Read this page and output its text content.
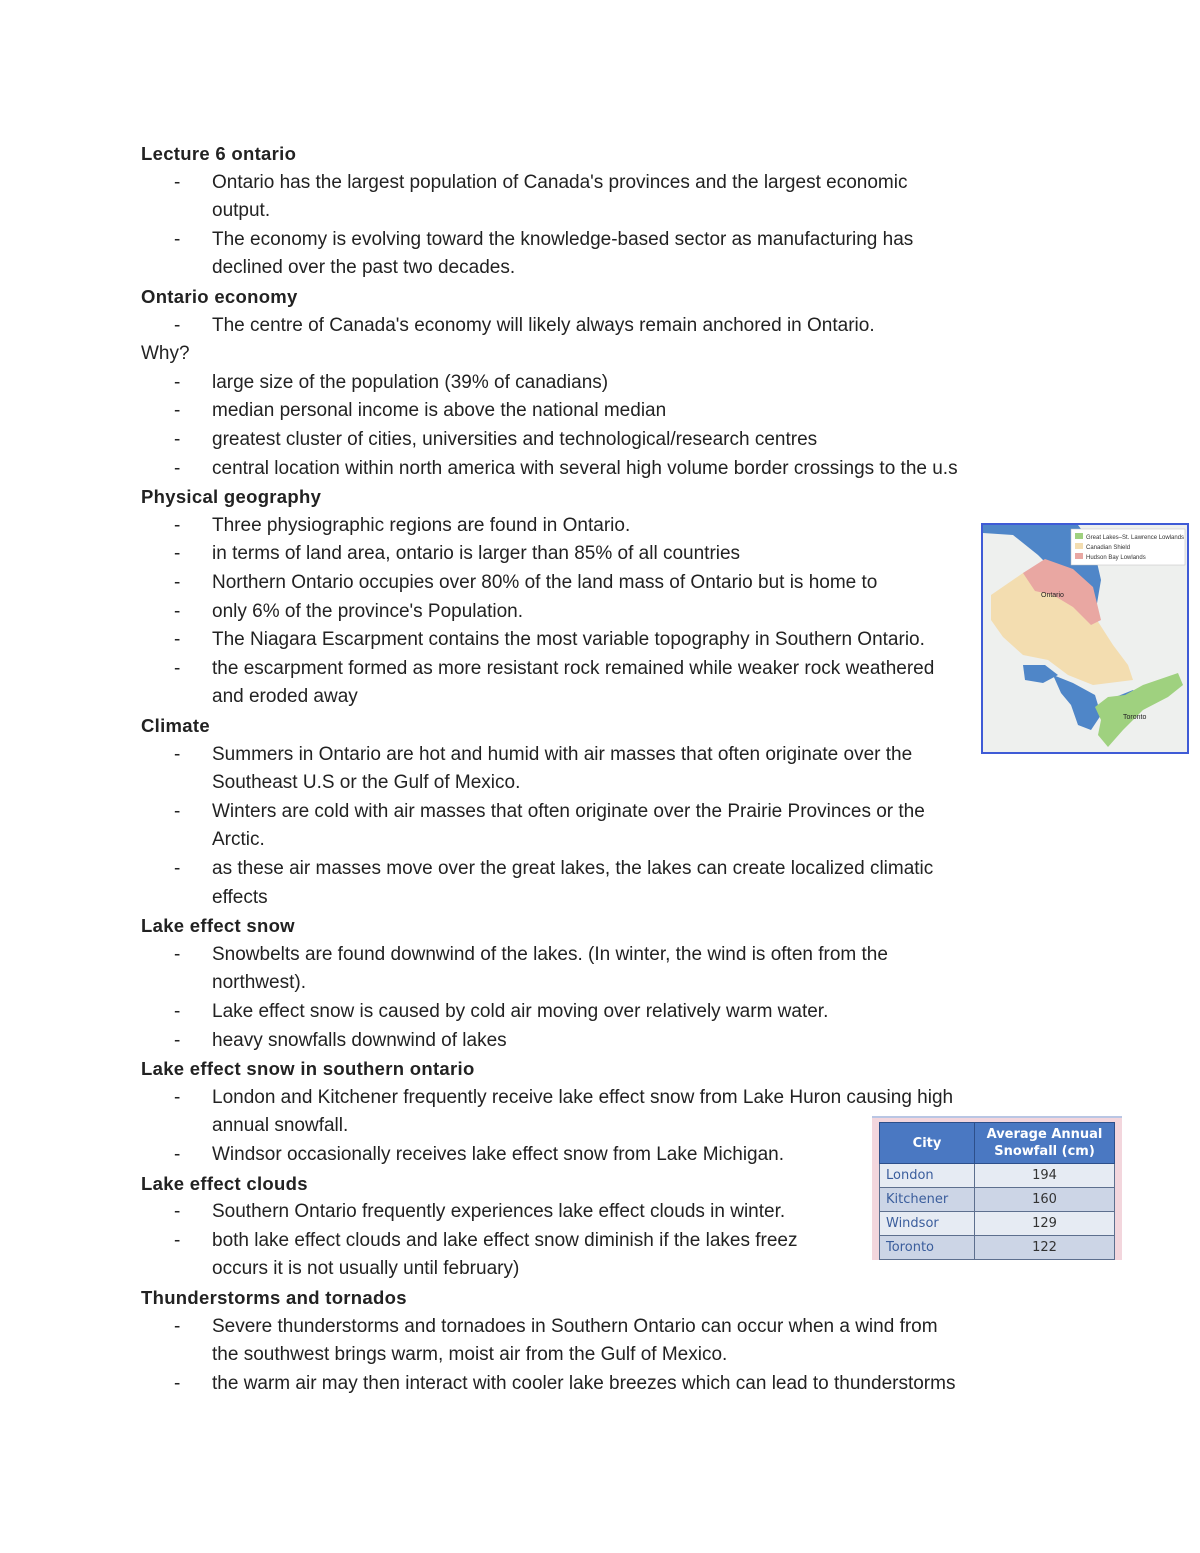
Lecture 6 ontario
- Ontario has the largest population of Canada's provinces and the largest economic
output.
- The economy is evolving toward the knowledge-based sector as manufacturing has
declined over the past two decades.
Ontario economy
- The centre of Canada's economy will likely always remain anchored in Ontario.
Why?
- large size of the population (39% of canadians)
- median personal income is above the national median
- greatest cluster of cities, universities and technological/research centres
- central location within north america with several high volume border crossings to the u.s
Physical geography
- Three physiographic regions are found in Ontario.
- in terms of land area, ontario is larger than 85% of all countries
- Northern Ontario occupies over 80% of the land mass of Ontario but is home to
- only 6% of the province's Population.
- The Niagara Escarpment contains the most variable topography in Southern Ontario.
- the escarpment formed as more resistant rock remained while weaker rock weathered
and eroded away
Climate
- Summers in Ontario are hot and humid with air masses that often originate over the
Southeast U.S or the Gulf of Mexico.
- Winters are cold with air masses that often originate over the Prairie Provinces or the
Arctic.
- as these air masses move over the great lakes, the lakes can create localized climatic
effects
Lake effect snow
- Snowbelts are found downwind of the lakes. (In winter, the wind is often from the
northwest).
- Lake effect snow is caused by cold air moving over relatively warm water.
- heavy snowfalls downwind of lakes
Lake effect snow in southern ontario
- London and Kitchener frequently receive lake effect snow from Lake Huron causing high
annual snowfall.
- Windsor occasionally receives lake effect snow from Lake Michigan.
Lake effect clouds
- Southern Ontario frequently experiences lake effect clouds in winter.
- both lake effect clouds and lake effect snow diminish if the lakes freez
occurs it is not usually until february)
Thunderstorms and tornados
- Severe thunderstorms and tornadoes in Southern Ontario can occur when a wind from
the southwest brings warm, moist air from the Gulf of Mexico.
- the warm air may then interact with cooler lake breezes which can lead to thunderstorms
Great Lakes–St. Lawrence Lowlands
Canadian Shield
Hudson Bay Lowlands
Ontario
Toronto
City	Average Annual Snowfall (cm)
London	194
Kitchener	160
Windsor	129
Toronto	122
